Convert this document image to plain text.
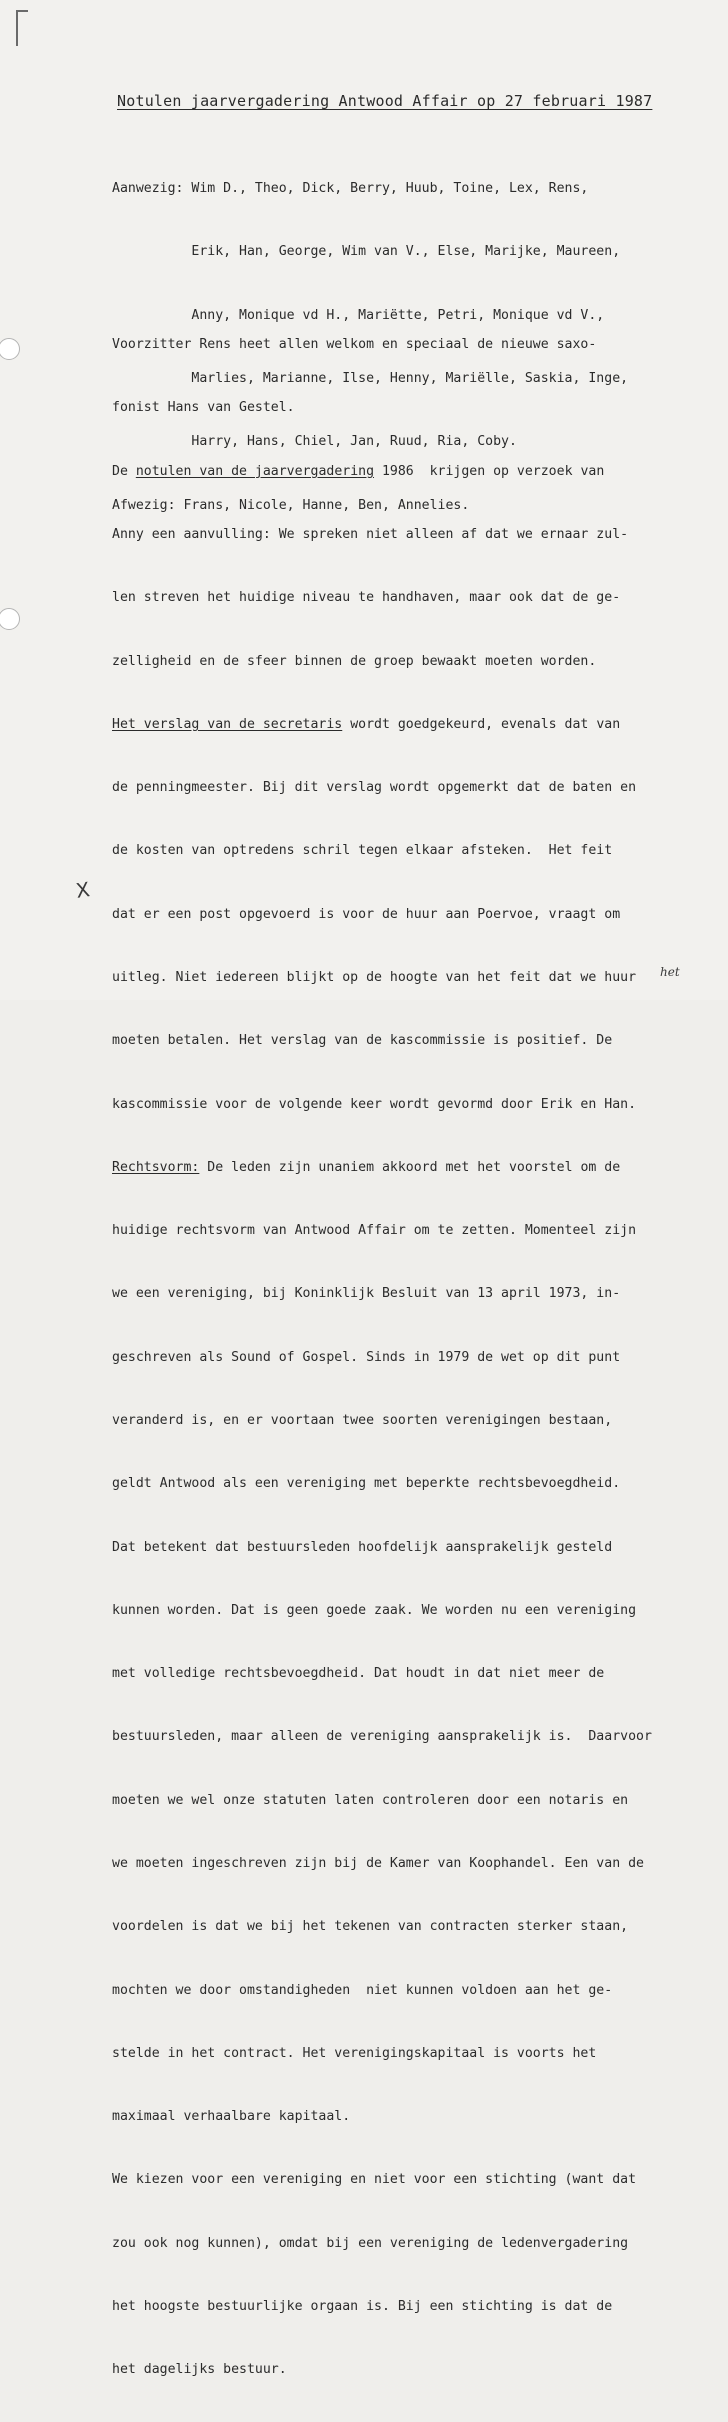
Notulen jaarvergadering Antwood Affair op 27 februari 1987

Aanwezig: Wim D., Theo, Dick, Berry, Huub, Toine, Lex, Rens,

Erik, Han, George, Wim van V., Else, Marijke, Maureen,

Anny, Monique vd H., Mariëtte, Petri, Monique vd V.,

Marlies, Marianne, Ilse, Henny, Mariëlle, Saskia, Inge,

Harry, Hans, Chiel, Jan, Ruud, Ria, Coby.

Afwezig: Frans, Nicole, Hanne, Ben, Annelies.

Voorzitter Rens heet allen welkom en speciaal de nieuwe saxo-

fonist Hans van Gestel.

De notulen van de jaarvergadering 1986  krijgen op verzoek van

Anny een aanvulling: We spreken niet alleen af dat we ernaar zul-

len streven het huidige niveau te handhaven, maar ook dat de ge-

zelligheid en de sfeer binnen de groep bewaakt moeten worden.

Het verslag van de secretaris wordt goedgekeurd, evenals dat van

de penningmeester. Bij dit verslag wordt opgemerkt dat de baten en

de kosten van optredens schril tegen elkaar afsteken.  Het feit

dat er een post opgevoerd is voor de huur aan Poervoe, vraagt om

uitleg. Niet iedereen blijkt op de hoogte van het feit dat we huur

moeten betalen. Het verslag van de kascommissie is positief. De

kascommissie voor de volgende keer wordt gevormd door Erik en Han.

Rechtsvorm: De leden zijn unaniem akkoord met het voorstel om de

huidige rechtsvorm van Antwood Affair om te zetten. Momenteel zijn

we een vereniging, bij Koninklijk Besluit van 13 april 1973, in-

geschreven als Sound of Gospel. Sinds in 1979 de wet op dit punt

veranderd is, en er voortaan twee soorten verenigingen bestaan,

geldt Antwood als een vereniging met beperkte rechtsbevoegdheid.

Dat betekent dat bestuursleden hoofdelijk aansprakelijk gesteld

kunnen worden. Dat is geen goede zaak. We worden nu een vereniging

met volledige rechtsbevoegdheid. Dat houdt in dat niet meer de

bestuursleden, maar alleen de vereniging aansprakelijk is.  Daarvoor

moeten we wel onze statuten laten controleren door een notaris en

we moeten ingeschreven zijn bij de Kamer van Koophandel. Een van de

voordelen is dat we bij het tekenen van contracten sterker staan,

mochten we door omstandigheden  niet kunnen voldoen aan het ge-

stelde in het contract. Het verenigingskapitaal is voorts het

maximaal verhaalbare kapitaal.

We kiezen voor een vereniging en niet voor een stichting (want dat

zou ook nog kunnen), omdat bij een vereniging de ledenvergadering

het hoogste bestuurlijke orgaan is. Bij een stichting is dat de

het dagelijks bestuur.

X
het
